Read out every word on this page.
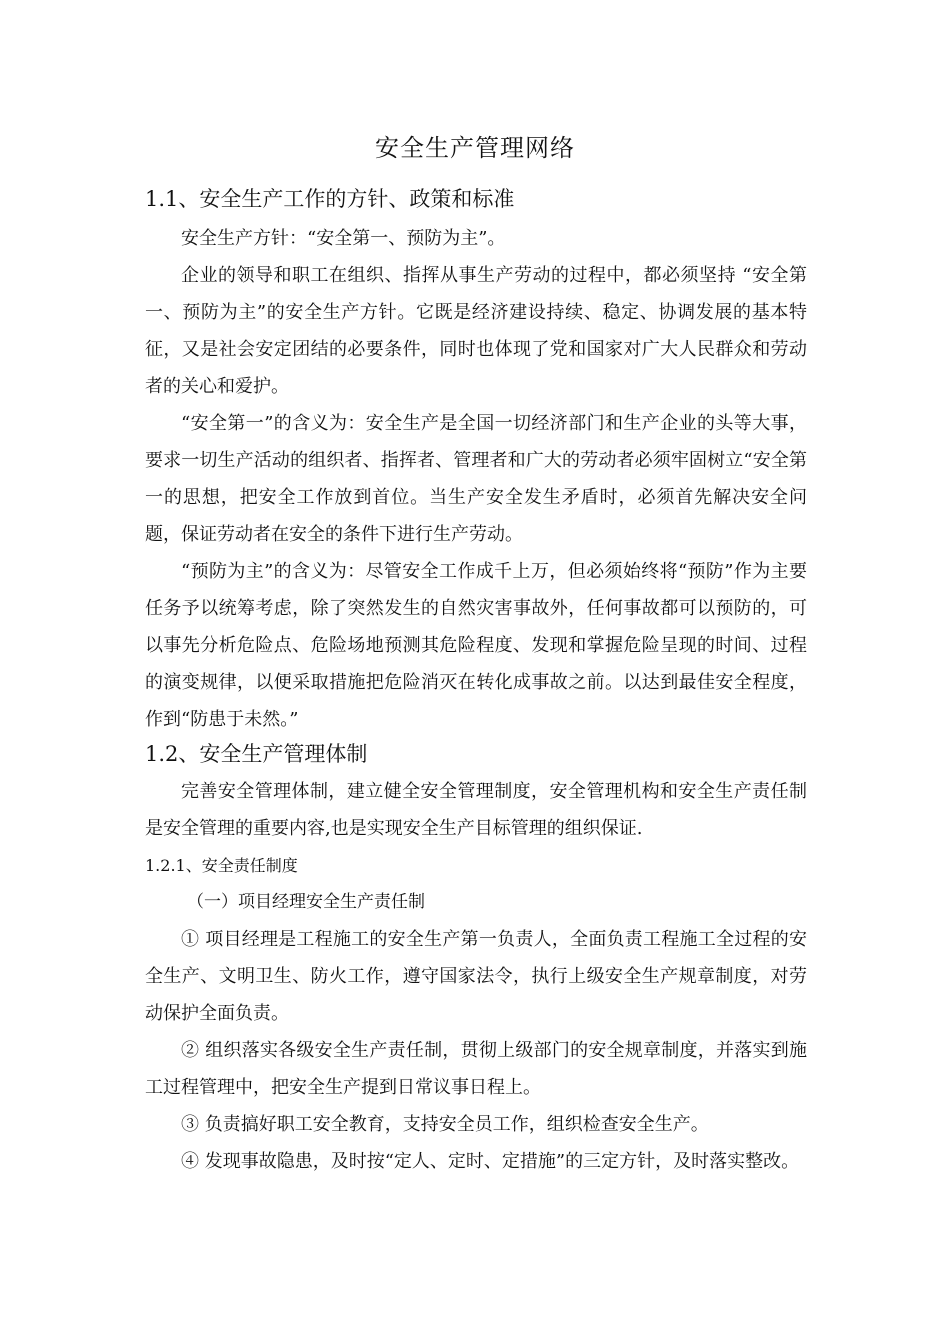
安全生产管理网络
1.1、安全生产工作的方针、政策和标准

安全生产方针：“安全第一、预防为主”。

企业的领导和职工在组织、指挥从事生产劳动的过程中，都必须坚持 “安全第一、预防为主”的安全生产方针。它既是经济建设持续、稳定、协调发展的基本特征，又是社会安定团结的必要条件，同时也体现了党和国家对广大人民群众和劳动者的关心和爱护。

“安全第一”的含义为：安全生产是全国一切经济部门和生产企业的头等大事，要求一切生产活动的组织者、指挥者、管理者和广大的劳动者必须牢固树立“安全第一的思想，把安全工作放到首位。当生产安全发生矛盾时，必须首先解决安全问题，保证劳动者在安全的条件下进行生产劳动。

“预防为主”的含义为：尽管安全工作成千上万，但必须始终将“预防”作为主要任务予以统筹考虑，除了突然发生的自然灾害事故外，任何事故都可以预防的，可以事先分析危险点、危险场地预测其危险程度、发现和掌握危险呈现的时间、过程的演变规律，以便采取措施把危险消灭在转化成事故之前。以达到最佳安全程度，作到“防患于未然。”

1.2、安全生产管理体制

完善安全管理体制，建立健全安全管理制度，安全管理机构和安全生产责任制是安全管理的重要内容,也是实现安全生产目标管理的组织保证.

1.2.1、安全责任制度
（一）项目经理安全生产责任制

① 项目经理是工程施工的安全生产第一负责人，全面负责工程施工全过程的安全生产、文明卫生、防火工作，遵守国家法令，执行上级安全生产规章制度，对劳动保护全面负责。

② 组织落实各级安全生产责任制，贯彻上级部门的安全规章制度，并落实到施工过程管理中，把安全生产提到日常议事日程上。

③ 负责搞好职工安全教育，支持安全员工作，组织检查安全生产。

④ 发现事故隐患，及时按“定人、定时、定措施”的三定方针，及时落实整改。
